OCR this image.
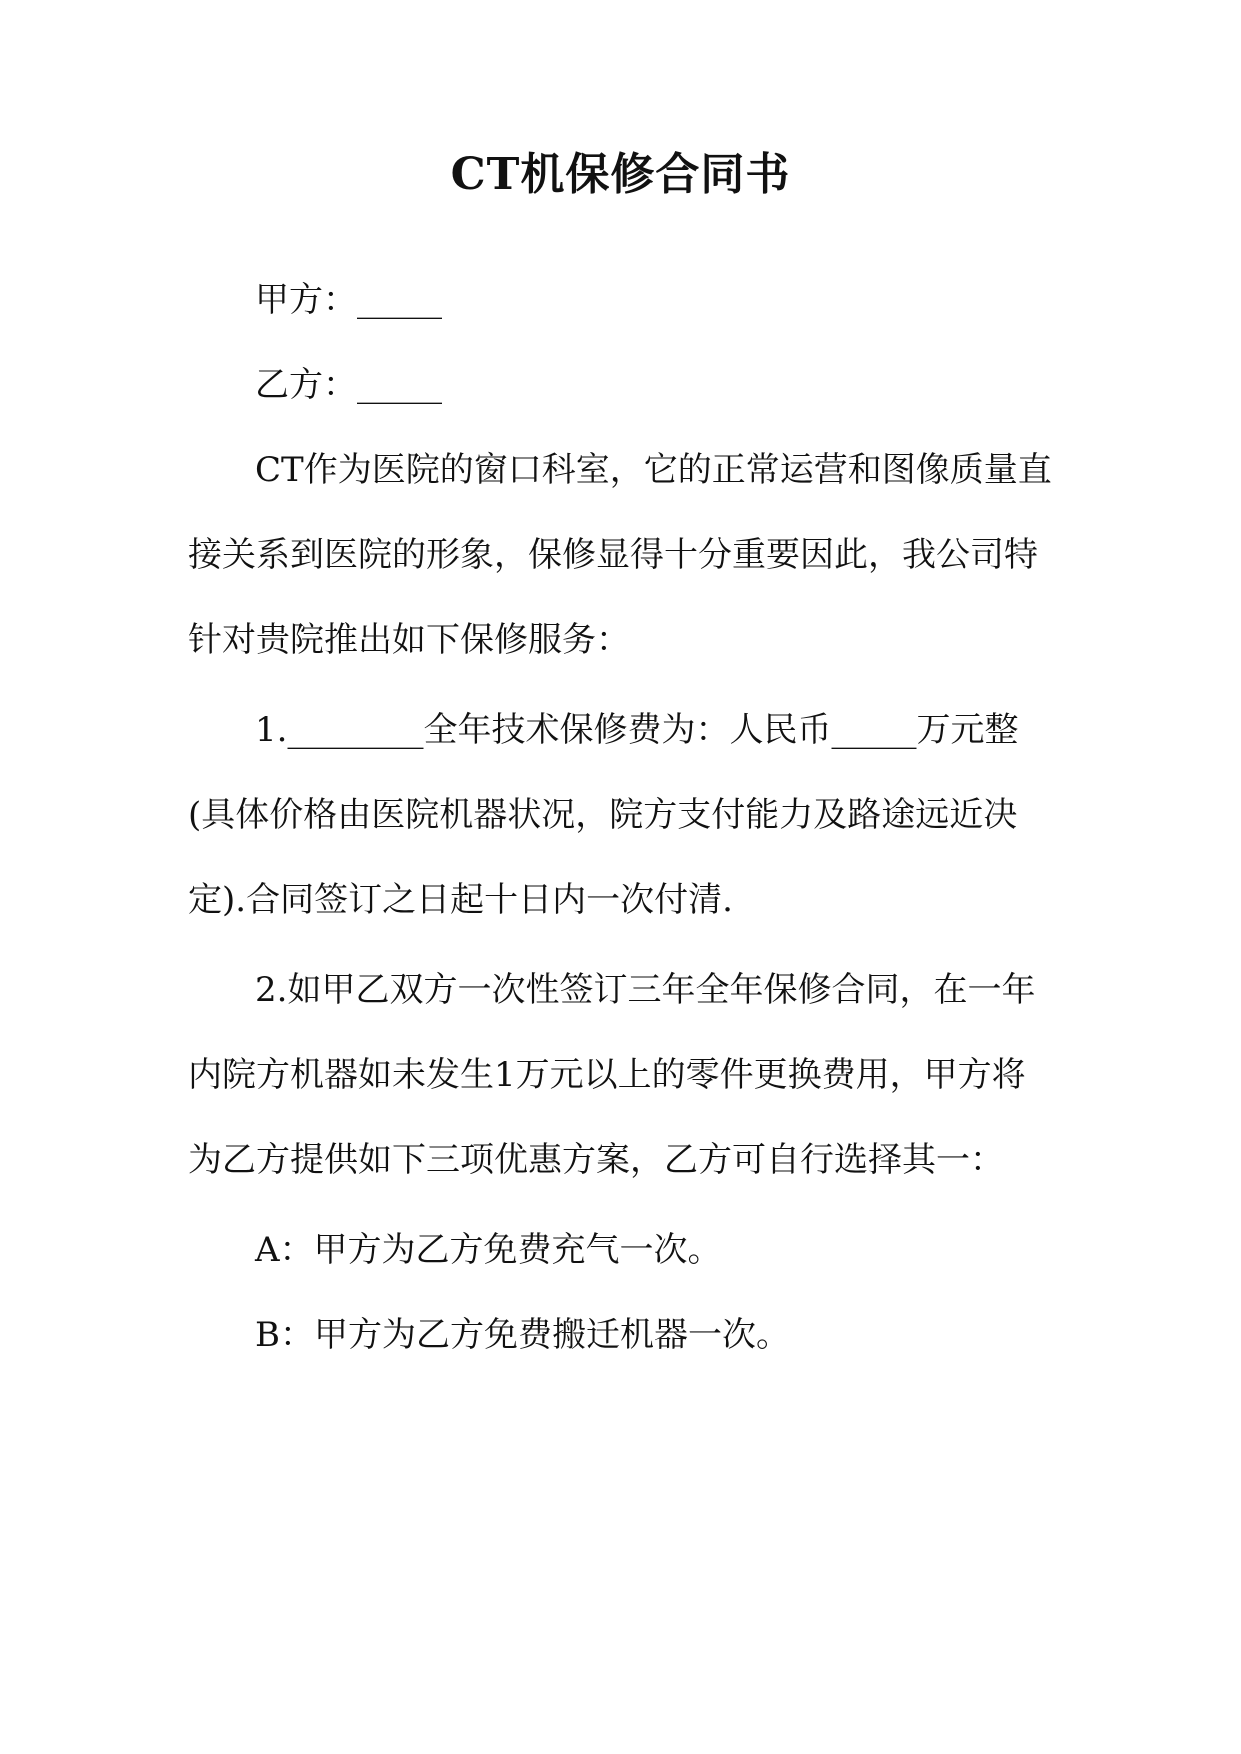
CT机保修合同书
甲方：_____
乙方：_____
CT作为医院的窗口科室，它的正常运营和图像质量直
接关系到医院的形象，保修显得十分重要因此，我公司特
针对贵院推出如下保修服务：
1.________全年技术保修费为：人民币_____万元整
(具体价格由医院机器状况，院方支付能力及路途远近决
定).合同签订之日起十日内一次付清.
2.如甲乙双方一次性签订三年全年保修合同，在一年
内院方机器如未发生1万元以上的零件更换费用，甲方将
为乙方提供如下三项优惠方案，乙方可自行选择其一：
A：甲方为乙方免费充气一次。
B：甲方为乙方免费搬迁机器一次。
